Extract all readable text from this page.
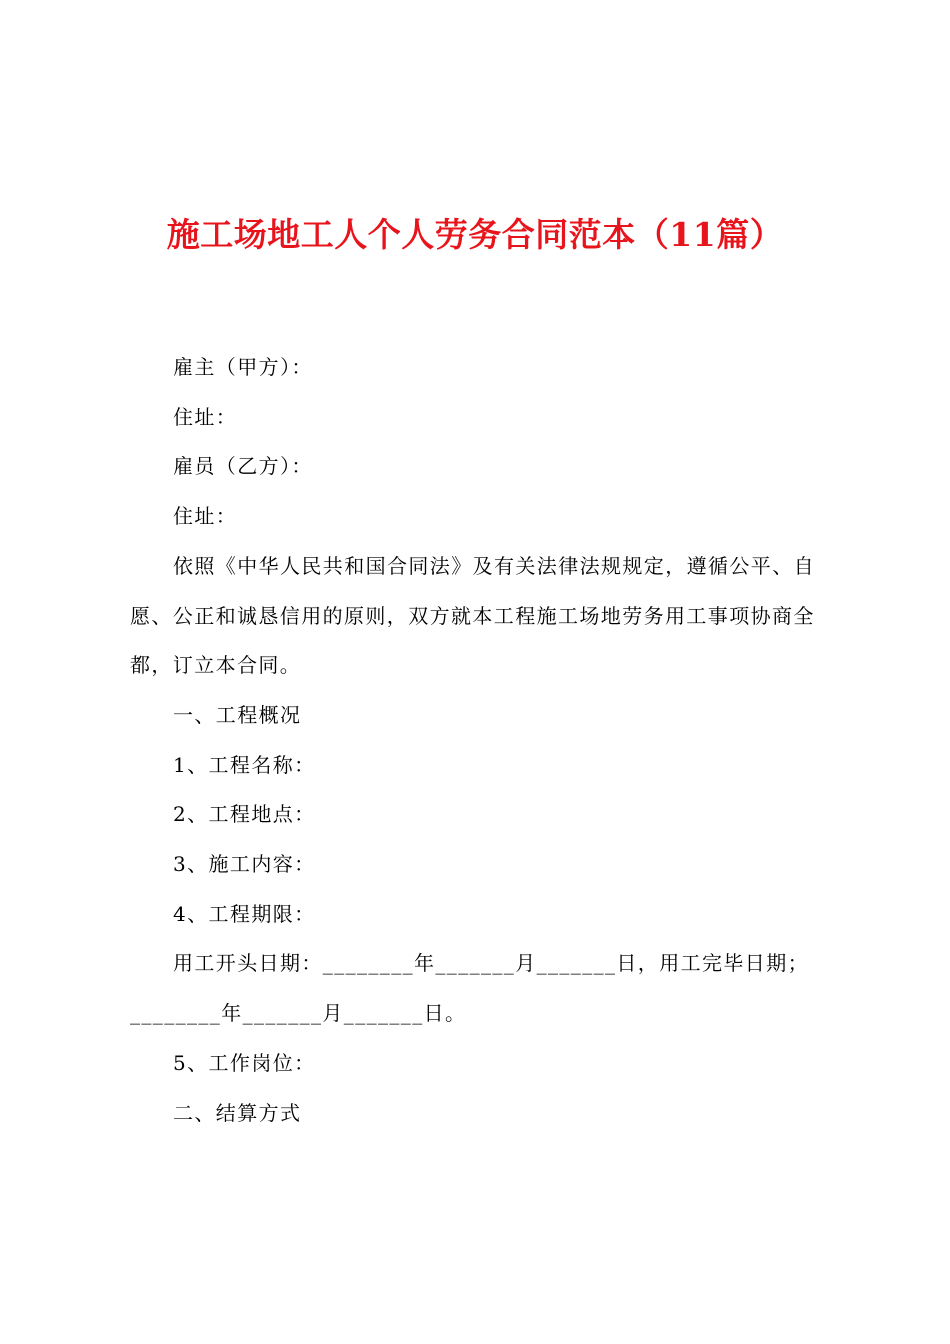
施工场地工人个人劳务合同范本（11篇）

雇主（甲方）：

住址：

雇员（乙方）：

住址：

依照《中华人民共和国合同法》及有关法律法规规定，遵循公平、自愿、公正和诚恳信用的原则，双方就本工程施工场地劳务用工事项协商全都，订立本合同。

一、工程概况

1、工程名称：

2、工程地点：

3、施工内容：

4、工程期限：

用工开头日期：________年_______月_______日，用工完毕日期；________年_______月_______日。

5、工作岗位：

二、结算方式
